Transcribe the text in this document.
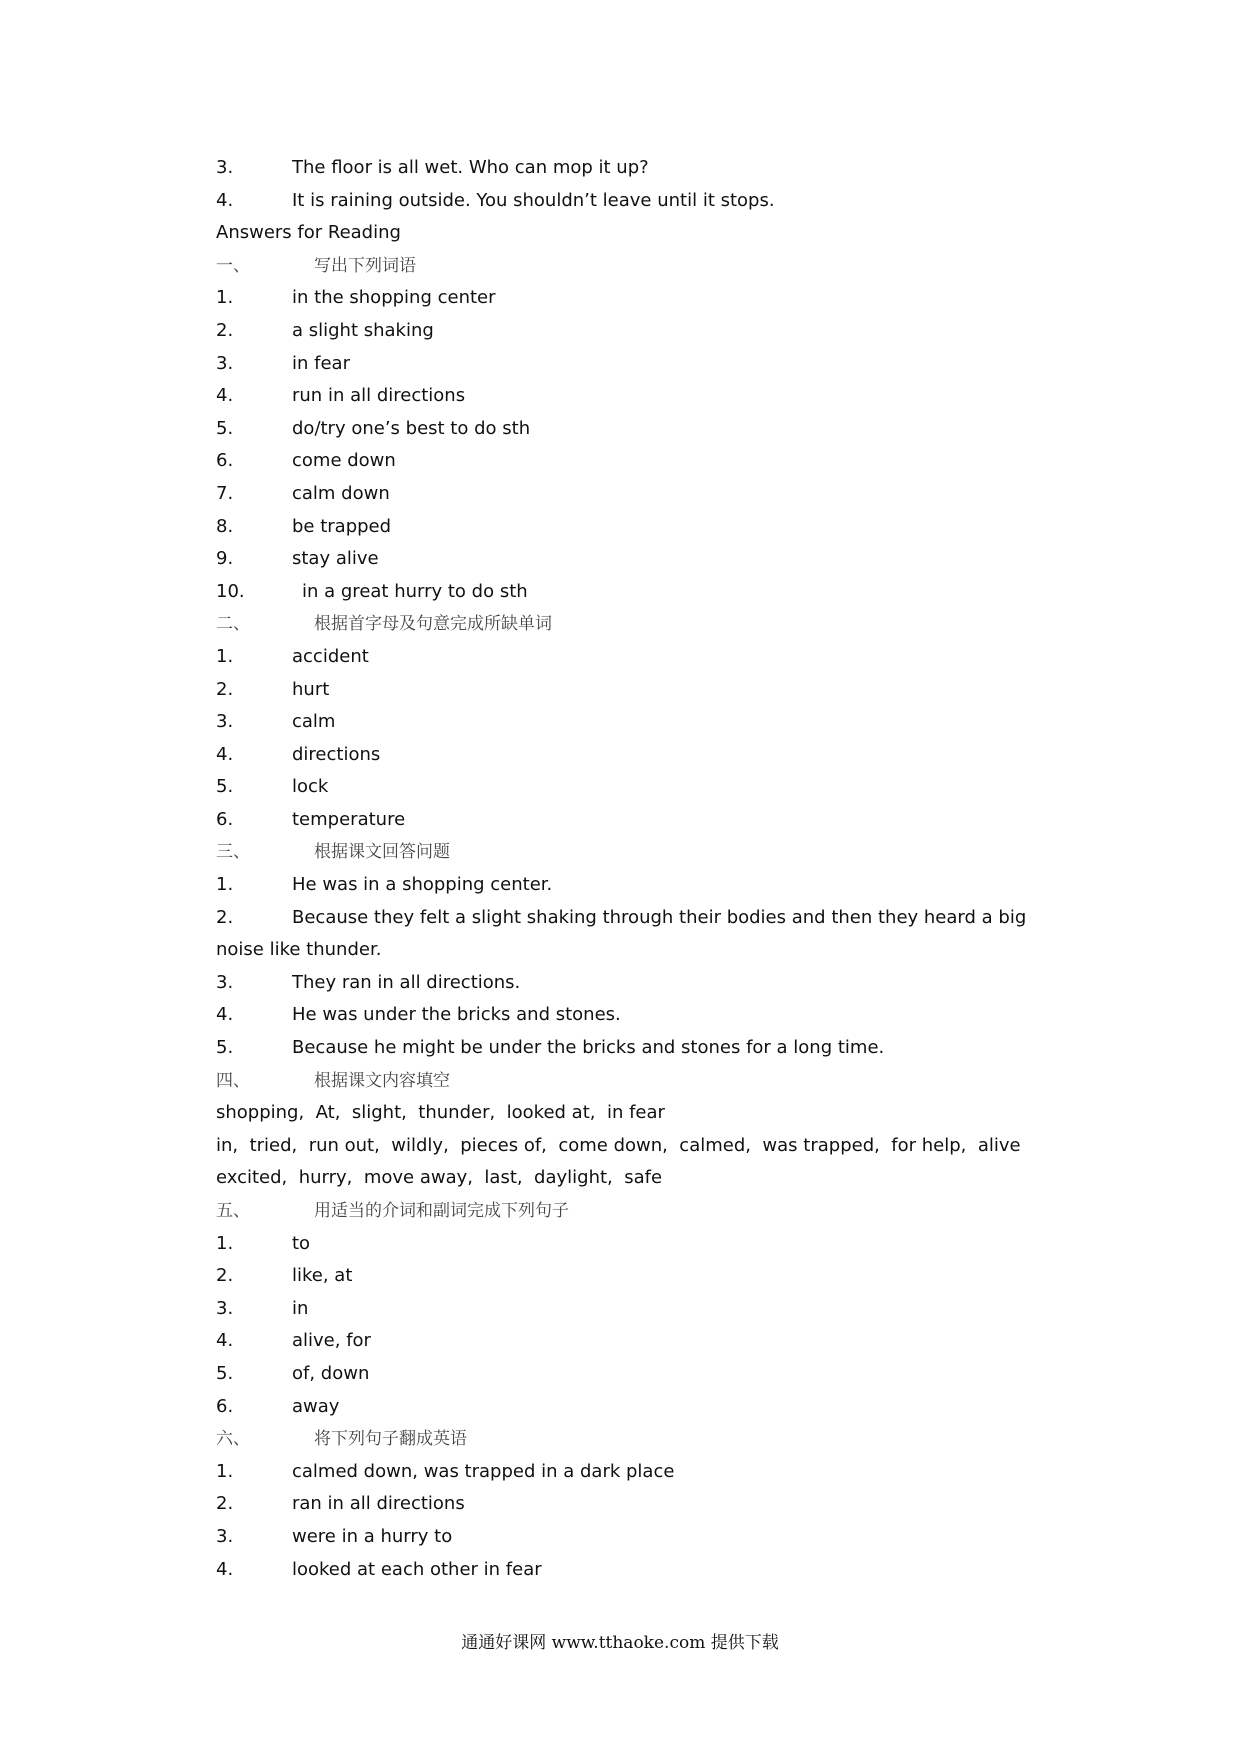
3.	The floor is all wet. Who can mop it up?
4.	It is raining outside. You shouldn’t leave until it stops.
Answers for Reading
一、	写出下列词语
1.	in the shopping center
2.	a slight shaking
3.	in fear
4.	run in all directions
5.	do/try one’s best to do sth
6.	come down
7.	calm down
8.	be trapped
9.	stay alive
10.	in a great hurry to do sth
二、	根据首字母及句意完成所缺单词
1.	accident
2.	hurt
3.	calm
4.	directions
5.	lock
6.	temperature
三、	根据课文回答问题
1.	He was in a shopping center.
2.	Because they felt a slight shaking through their bodies and then they heard a big noise like thunder.
3.	They ran in all directions.
4.	He was under the bricks and stones.
5.	Because he might be under the bricks and stones for a long time.
四、	根据课文内容填空
shopping,  At,  slight,  thunder,  looked at,  in fear
in,  tried,  run out,  wildly,  pieces of,  come down,  calmed,  was trapped,  for help,  alive
excited,  hurry,  move away,  last,  daylight,  safe
五、	用适当的介词和副词完成下列句子
1.	to
2.	like, at
3.	in
4.	alive, for
5.	of, down
6.	away
六、	将下列句子翻成英语
1.	calmed down, was trapped in a dark place
2.	ran in all directions
3.	were in a hurry to
4.	looked at each other in fear
通通好课网 www.tthaoke.com 提供下载
